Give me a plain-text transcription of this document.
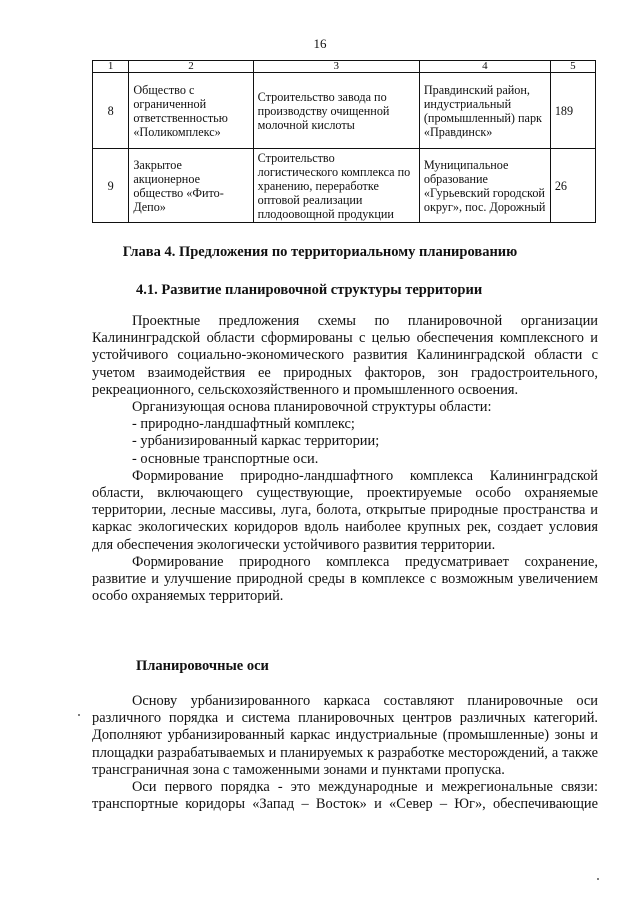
16
1	2	3	4	5
8	Общество с ограниченной ответственностью «Поликомплекс»	Строительство завода по производству очищенной молочной кислоты	Правдинский район, индустриальный (промышленный) парк «Правдинск»	189
9	Закрытое акционерное общество «Фито-Депо»	Строительство логистического комплекса по хранению, переработке оптовой реализации плодоовощной продукции	Муниципальное образование «Гурьевский городской округ», пос. Дорожный	26
Глава 4. Предложения по территориальному планированию
4.1. Развитие планировочной структуры территории

Проектные предложения схемы по планировочной организации Калининградской области сформированы с целью обеспечения комплексного и устойчивого социально-экономического развития Калининградской области с учетом взаимодействия ее природных факторов, зон градостроительного, рекреационного, сельскохозяйственного и промышленного освоения.

Организующая основа планировочной структуры области:

- природно-ландшафтный комплекс;

- урбанизированный каркас территории;

- основные транспортные оси.

Формирование природно-ландшафтного комплекса Калининградской области, включающего существующие, проектируемые особо охраняемые территории, лесные массивы, луга, болота, открытые природные пространства и каркас экологических коридоров вдоль наиболее крупных рек, создает условия для обеспечения экологически устойчивого развития территории.

Формирование природного комплекса предусматривает сохранение, развитие и улучшение природной среды в комплексе с возможным увеличением особо охраняемых территорий.

Планировочные оси

Основу урбанизированного каркаса составляют планировочные оси различного порядка и система планировочных центров различных категорий. Дополняют урбанизированный каркас индустриальные (промышленные) зоны и площадки разрабатываемых и планируемых к разработке месторождений, а также трансграничная зона с таможенными зонами и пунктами пропуска.

Оси первого порядка - это международные и межрегиональные связи: транспортные коридоры «Запад – Восток» и «Север – Юг», обеспечивающие
